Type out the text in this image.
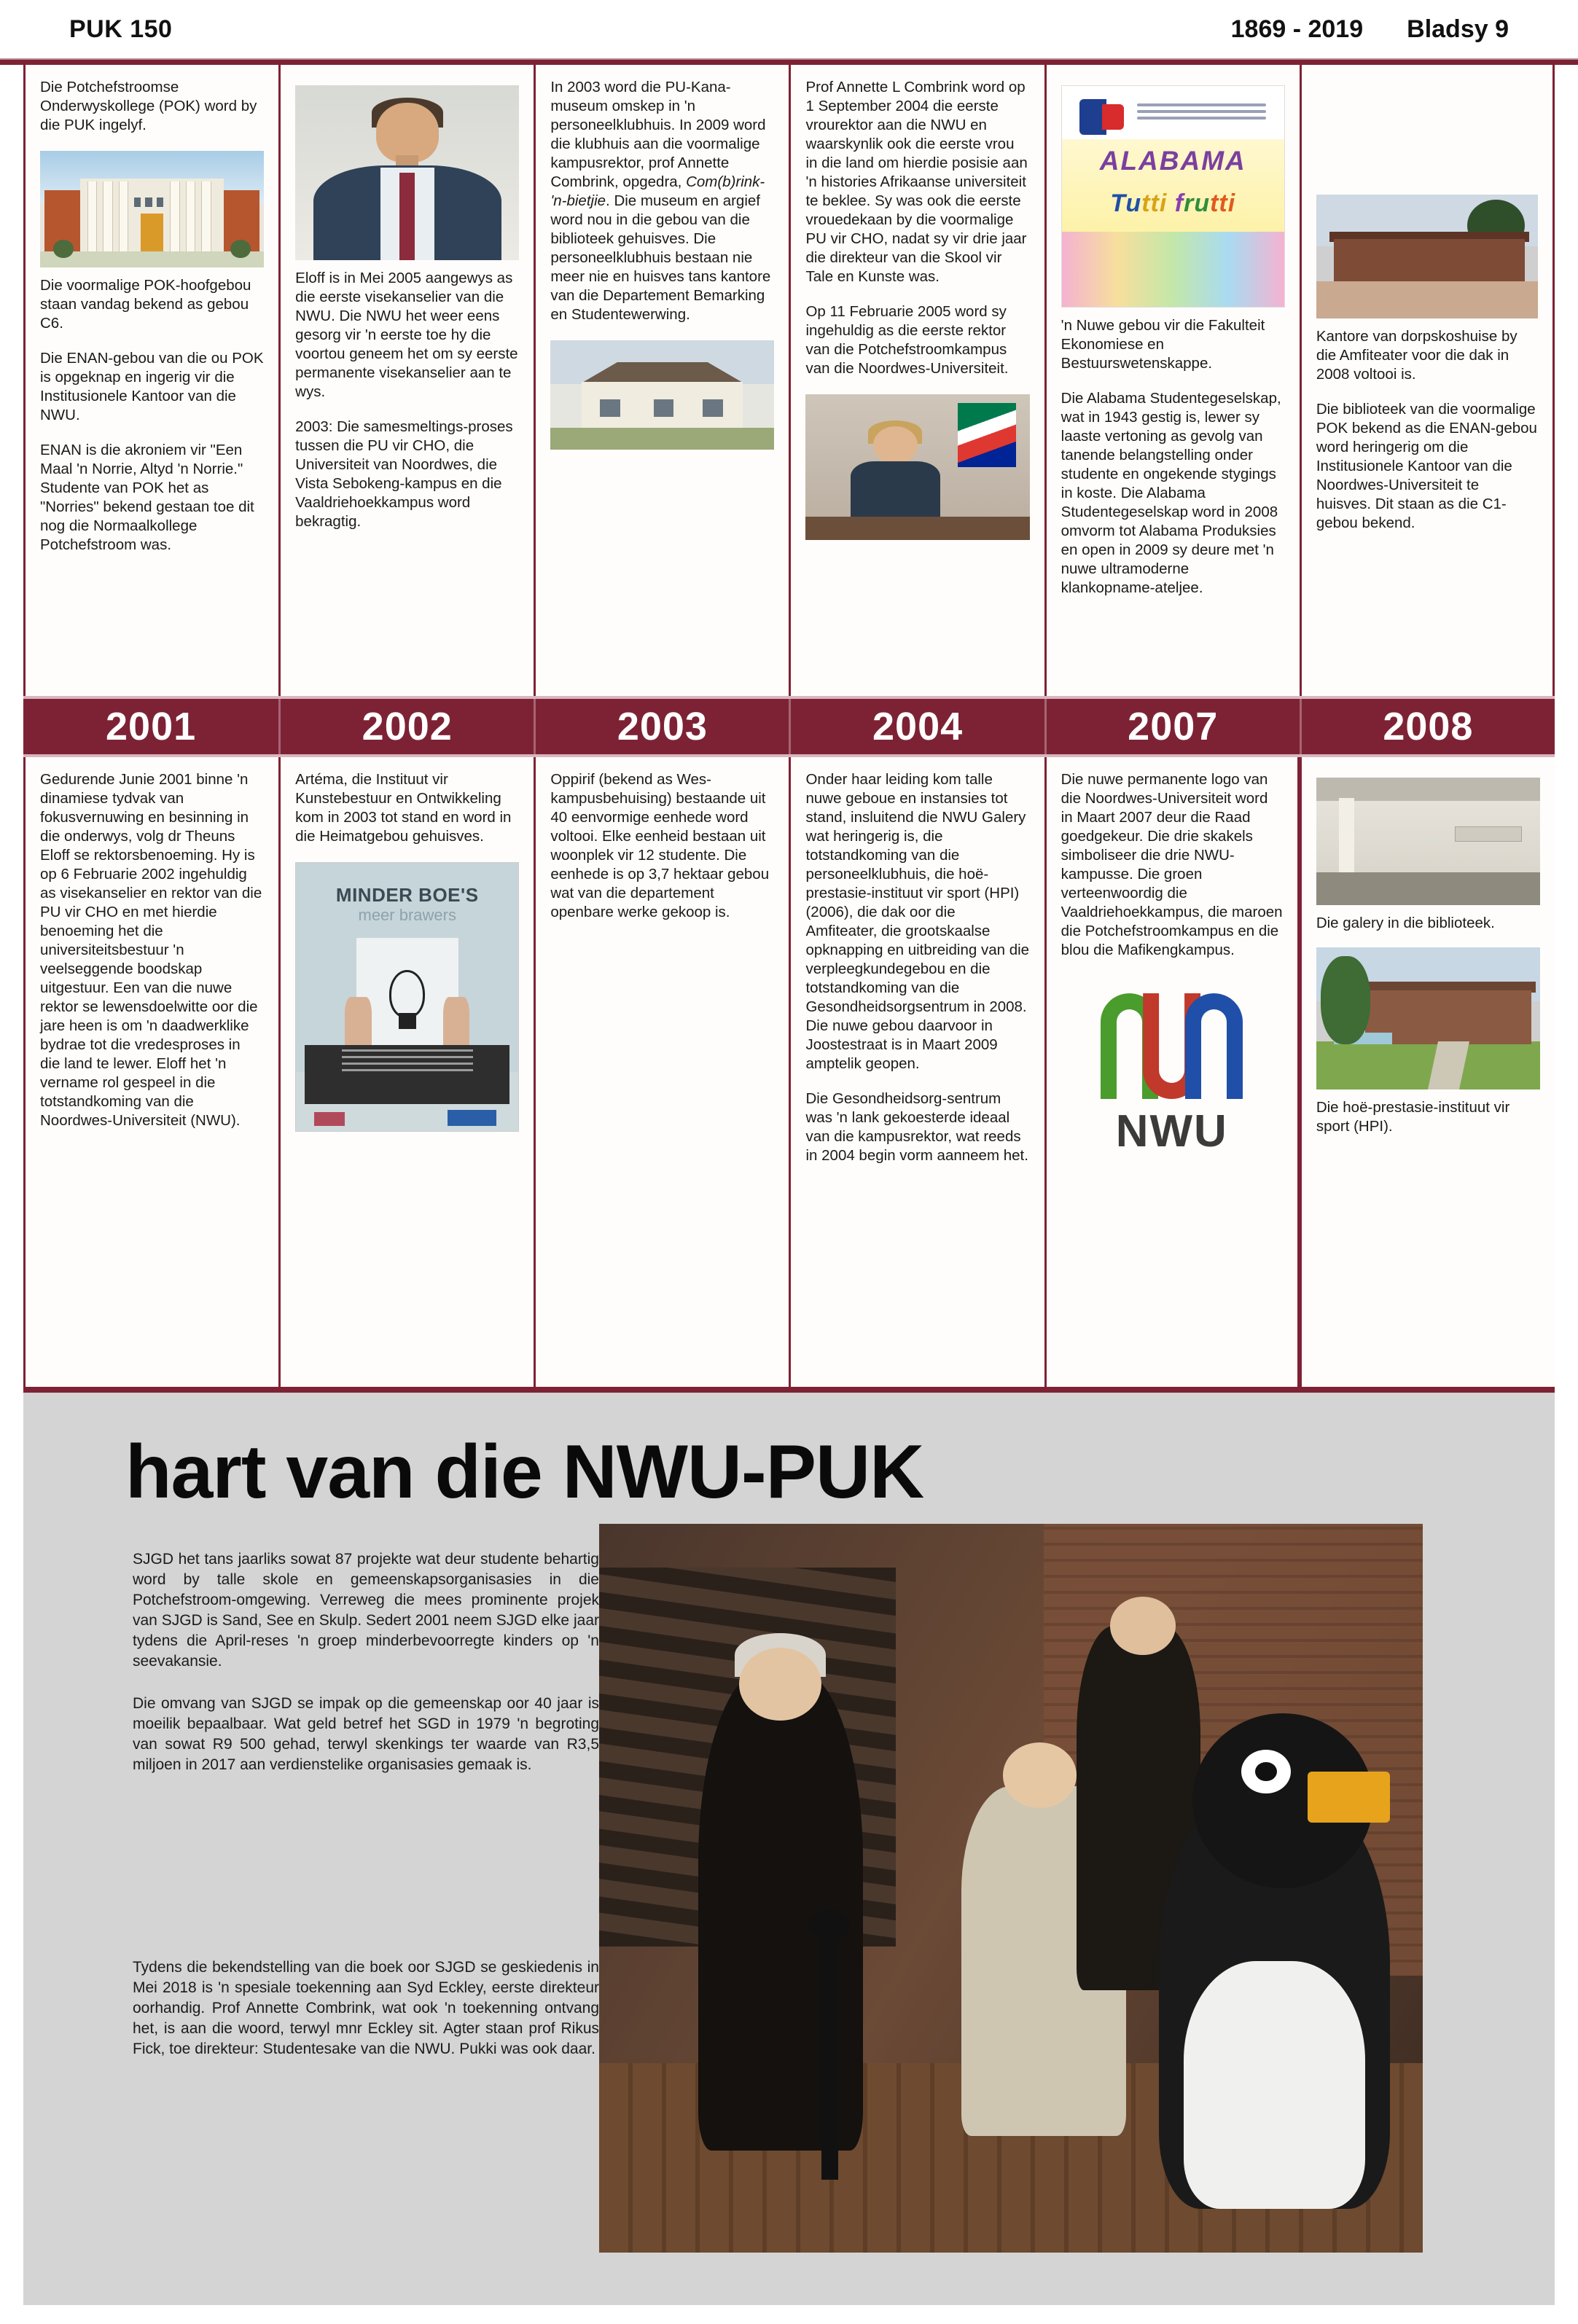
PUK 150	1869 - 2019 Bladsy 9

Die Potchefstroomse Onderwyskollege (POK) word by die PUK ingelyf.

Die voormalige POK-hoofgebou staan vandag bekend as gebou C6.

Die ENAN-gebou van die ou POK is opgeknap en ingerig vir die Institusionele Kantoor van die NWU.

ENAN is die akroniem vir "Een Maal 'n Norrie, Altyd 'n Norrie." Studente van POK het as "Norries" bekend gestaan toe dit nog die Normaalkollege Potchefstroom was.

Eloff is in Mei 2005 aangewys as die eerste visekanselier van die NWU. Die NWU het weer eens gesorg vir 'n eerste toe hy die voortou geneem het om sy eerste permanente visekanselier aan te wys.

2003: Die samesmeltings-proses tussen die PU vir CHO, die Universiteit van Noordwes, die Vista Sebokeng-kampus en die Vaaldriehoekkampus word bekragtig.

In 2003 word die PU-Kana-museum omskep in 'n personeelklubhuis. In 2009 word die klubhuis aan die voormalige kampusrektor, prof Annette Combrink, opgedra, Com(b)rink-'n-bietjie. Die museum en argief word nou in die gebou van die biblioteek gehuisves. Die personeelklubhuis bestaan nie meer nie en huisves tans kantore van die Departement Bemarking en Studentewerwing.

Prof Annette L Combrink word op 1 September 2004 die eerste vrourektor aan die NWU en waarskynlik ook die eerste vrou in die land om hierdie posisie aan 'n histories Afrikaanse universiteit te beklee. Sy was ook die eerste vrouedekaan by die voormalige PU vir CHO, nadat sy vir drie jaar die direkteur van die Skool vir Tale en Kunste was.

Op 11 Februarie 2005 word sy ingehuldig as die eerste rektor van die Potchefstroomkampus van die Noordwes-Universiteit.

ALABAMA
Tutti frutti

'n Nuwe gebou vir die Fakulteit Ekonomiese en Bestuurswetenskappe.

Die Alabama Studentegeselskap, wat in 1943 gestig is, lewer sy laaste vertoning as gevolg van tanende belangstelling onder studente en ongekende stygings in koste. Die Alabama Studentegeselskap word in 2008 omvorm tot Alabama Produksies en open in 2009 sy deure met 'n nuwe ultramoderne klankopname-ateljee.

Kantore van dorpskoshuise by die Amfiteater voor die dak in 2008 voltooi is.

Die biblioteek van die voormalige POK bekend as die ENAN-gebou word heringerig om die Institusionele Kantoor van die Noordwes-Universiteit te huisves. Dit staan as die C1-gebou bekend.

2001	2002	2003	2004	2007	2008

Gedurende Junie 2001 binne 'n dinamiese tydvak van fokusvernuwing en besinning in die onderwys, volg dr Theuns Eloff se rektorsbenoeming. Hy is op 6 Februarie 2002 ingehuldig as visekanselier en rektor van die PU vir CHO en met hierdie benoeming het die universiteitsbestuur 'n veelseggende boodskap uitgestuur. Een van die nuwe rektor se lewensdoelwitte oor die jare heen is om 'n daadwerklike bydrae tot die vredesproses in die land te lewer. Eloff het 'n vername rol gespeel in die totstandkoming van die Noordwes-Universiteit (NWU).

Artéma, die Instituut vir Kunstebestuur en Ontwikkeling kom in 2003 tot stand en word in die Heimatgebou gehuisves.

MINDER BOE'S
meer brawers

Oppirif (bekend as Wes-kampusbehuising) bestaande uit 40 eenvormige eenhede word voltooi. Elke eenheid bestaan uit woonplek vir 12 studente. Die eenhede is op 3,7 hektaar gebou wat van die departement openbare werke gekoop is.

Onder haar leiding kom talle nuwe geboue en instansies tot stand, insluitend die NWU Galery wat heringerig is, die totstandkoming van die personeelklubhuis, die hoë-prestasie-instituut vir sport (HPI) (2006), die dak oor die Amfiteater, die grootskaalse opknapping en uitbreiding van die verpleegkundegebou en die totstandkoming van die Gesondheidsorgsentrum in 2008. Die nuwe gebou daarvoor in Joostestraat is in Maart 2009 amptelik geopen.

Die Gesondheidsorg-sentrum was 'n lank gekoesterde ideaal van die kampusrektor, wat reeds in 2004 begin vorm aanneem het.

Die nuwe permanente logo van die Noordwes-Universiteit word in Maart 2007 deur die Raad goedgekeur. Die drie skakels simboliseer die drie NWU-kampusse. Die groen verteenwoordig die Vaaldriehoekkampus, die maroen die Potchefstroomkampus en die blou die Mafikengkampus.

NWU

Die galery in die biblioteek.

Die hoë-prestasie-instituut vir sport (HPI).

hart van die NWU-PUK

SJGD het tans jaarliks sowat 87 projekte wat deur studente behartig word by talle skole en gemeenskapsorganisasies in die Potchefstroom-omgewing. Verreweg die mees prominente projek van SJGD is Sand, See en Skulp. Sedert 2001 neem SJGD elke jaar tydens die April-reses 'n groep minderbevoorregte kinders op 'n seevakansie.

Die omvang van SJGD se impak op die gemeenskap oor 40 jaar is moeilik bepaalbaar. Wat geld betref het SGD in 1979 'n begroting van sowat R9 500 gehad, terwyl skenkings ter waarde van R3,5 miljoen in 2017 aan verdienstelike organisasies gemaak is.

Tydens die bekendstelling van die boek oor SJGD se geskiedenis in Mei 2018 is 'n spesiale toekenning aan Syd Eckley, eerste direkteur oorhandig. Prof Annette Combrink, wat ook 'n toekenning ontvang het, is aan die woord, terwyl mnr Eckley sit. Agter staan prof Rikus Fick, toe direkteur: Studentesake van die NWU. Pukki was ook daar.
